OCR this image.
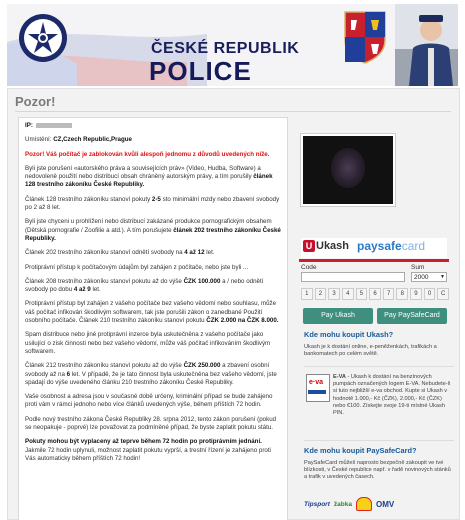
ČESKÉ REPUBLIK
POLICE
Pozor!

IP:

Umístění: CZ,Czech Republic,Prague

Pozor! Váš počítač je zablokován kvůli alespoň jednomu z důvodů uvedených níže.

Byli jste porušení «autorského práva a souvisejících práv» (Video, Hudba, Software) a nedovoleně použití nebo distribucí obsah chráněný autorským právy, a tím porušily článek 128 trestního zákoníku České Republiky.

Článek 128 trestního zákoníku stanoví pokuty 2-5 sto minimální mzdy nebo zbavení svobody po 2 až 8 let.

Byli jste chyceni u prohlížení nebo distribucí zakázané produkce pornografickým obsahem (Dětská pornografie / Zoofilie a atd.). A tím porušujete článek 202 trestního zákoníku České Republiky.

Článek 202 trestního zákoníku stanoví odnětí svobody na 4 až 12 let.

Protiprávní přístup k počítačovým údajům byl zahájen z počítače, nebo jste byli ...

Článek 208 trestního zákoníku stanoví pokutu až do výše ČZK 100.000 a / nebo odnětí svobody po dobu 4 až 9 let.

Protiprávní přístup byl zahájen z vašeho počítače bez vašeho vědomí nebo souhlasu, může váš počítač infikován škodlivým softwarem, tak jste porušili zákon o zanedbané Použití osobního počítače. Článek 210 trestního zákoníku stanoví pokutu ČZK 2.000 na ČZK 8.000.

Spam distribuce nebo jiné protiprávní inzerce byla uskutečněna z vašeho počítače jako usilující o zisk činnosti nebo bez vašeho vědomí, může váš počítač infikováním škodlivým softwarem.

Článek 212 trestního zákoníku stanoví pokutu až do výše ČZK 250.000 a zbavení osobní svobody až na 6 let. V případě, že je tato činnost byla uskutečněna bez vašeho vědomí, jste spadají do výše uvedeného článku 210 trestního zákoníku České Republiky.

Vaše osobnost a adresa jsou v současné době určeny, kriminální případ se bude zahájeno proti vám v rámci jednoho nebo více článků uvedených výše, během příštích 72 hodin.

Podle nový trestního zákona České Republiky 28. srpna 2012, tento zákon porušení (pokud se neopakuje - poprvé) lze považovat za podmíněné případ, že byste zaplatit pokutu státu.

Pokuty mohou být vyplaceny až teprve během 72 hodin po protiprávním jednání. Jakmile 72 hodin uplynuli, možnost zaplatit pokutu vyprší, a trestní řízení je zahájeno proti Vás automaticky během příštích 72 hodin!

U Ukash paysafecard
Code	Sum
2000 ▼
1	2	3	4	5	6	7	8	9	0	C
Pay Ukash	Pay PaySafeCard
Kde mohu koupit Ukash?
Ukash je k dostání online, e-peněženkách, trafikách a bankomatech po celém světě.
e·va
E-VA - Ukash k dostání na benzínových pumpách označených logem E-VA. Nebudete-li si tuto nejbližší e-va obchod. Kupte si Ukash v hodnotě 1.000,- Kč (ČZK), 2.000,- Kč (ČZK) nebo €100. Získejte svoje 19-ti místné Ukash PIN.
Kde mohu koupit PaySafeCard?
PaySafeCard můžeš naprosto bezpečně zakoupit ve tvé blízkosti, v České republice např. v řadě novinových stánků a trafik v uvedených časech.
Tipsport žabka	OMV
